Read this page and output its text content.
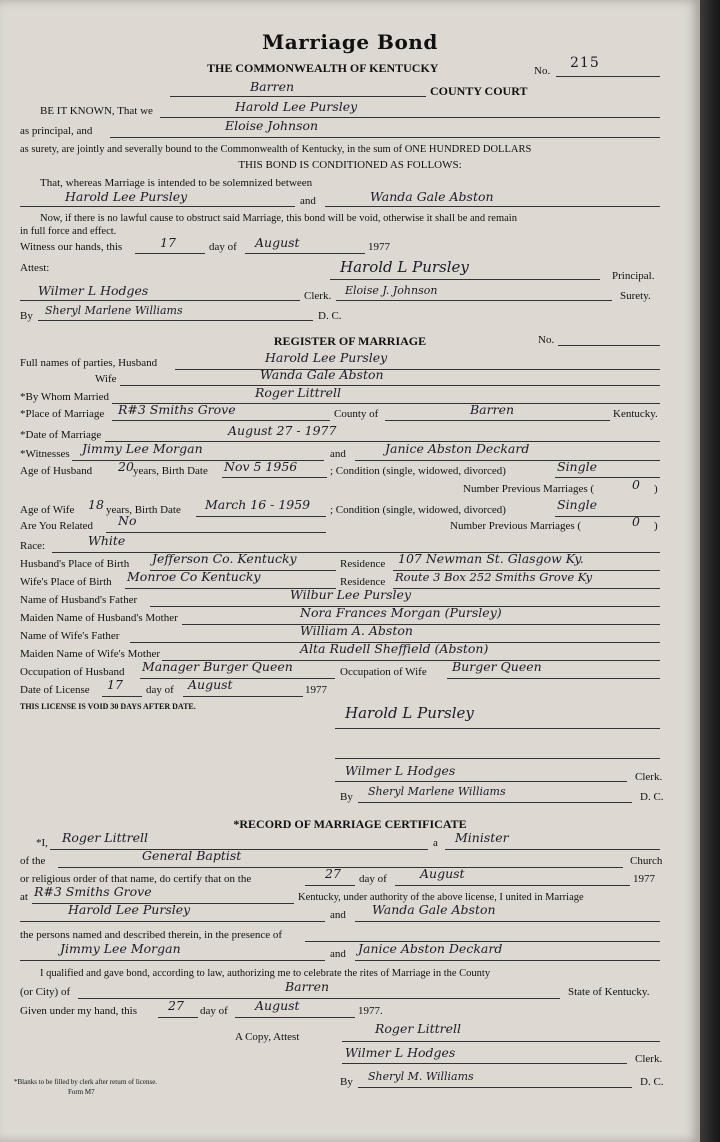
Marriage Bond
THE COMMONWEALTH OF KENTUCKY	No. 215
Barren	COUNTY COURT
BE IT KNOWN, That we	Harold Lee Pursley
as principal, and	Eloise Johnson
as surety, are jointly and severally bound to the Commonwealth of Kentucky, in the sum of ONE HUNDRED DOLLARS
THIS BOND IS CONDITIONED AS FOLLOWS:
That, whereas Marriage is intended to be solemnized between
Harold Lee Pursley	and	Wanda Gale Abston
Now, if there is no lawful cause to obstruct said Marriage, this bond will be void, otherwise it shall be and remain
in full force and effect.
Witness our hands, this	17	day of August	1977
Attest:	Harold L Pursley	Principal.
Wilmer L Hodges	Clerk. Eloise J. Johnson	Surety.
By Sheryl Marlene Williams	D. C.
REGISTER OF MARRIAGE	No.
Full names of parties, Husband	Harold Lee Pursley
Wife	Wanda Gale Abston
*By Whom Married	Roger Littrell
*Place of Marriage R#3 Smiths Grove	County of	Barren	Kentucky.
*Date of Marriage	August 27 - 1977
*Witnesses Jimmy Lee Morgan	and	Janice Abston Deckard
Age of Husband 20 years, Birth Date Nov 5 1956	; Condition (single, widowed, divorced)	Single
Number Previous Marriages (	0 )
Age of Wife 18 years, Birth Date March 16 - 1959 ; Condition (single, widowed, divorced)	Single
Are You Related No	Number Previous Marriages (	0 )
Race:	White
Husband's Place of Birth Jefferson Co. Kentucky	Residence 107 Newman St. Glasgow Ky.
Wife's Place of Birth Monroe Co Kentucky	Residence Route 3 Box 252 Smiths Grove Ky
Name of Husband's Father	Wilbur Lee Pursley
Maiden Name of Husband's Mother	Nora Frances Morgan (Pursley)
Name of Wife's Father	William A. Abston
Maiden Name of Wife's Mother	Alta Rudell Sheffield (Abston)
Occupation of Husband Manager Burger Queen	Occupation of Wife Burger Queen
Date of License 17 day of August	1977
THIS LICENSE IS VOID 30 DAYS AFTER DATE.	Harold L Pursley
Wilmer L Hodges	Clerk.
By Sheryl Marlene Williams	D. C.
*RECORD OF MARRIAGE CERTIFICATE
*I, Roger Littrell	a Minister
of the	General Baptist	Church
or religious order of that name, do certify that on the	27 day of	August	1977
at R#3 Smiths Grove	Kentucky, under authority of the above license, I united in Marriage
Harold Lee Pursley	and Wanda Gale Abston
the persons named and described therein, in the presence of
Jimmy Lee Morgan	and Janice Abston Deckard
I qualified and gave bond, according to law, authorizing me to celebrate the rites of Marriage in the County
(or City) of	Barren	State of Kentucky.
Given under my hand, this 27 day of August	1977.
A Copy, Attest
Roger Littrell
Wilmer L Hodges	Clerk.
By Sheryl M. Williams	D. C.
*Blanks to be filled by clerk after return of license.
Form M7
